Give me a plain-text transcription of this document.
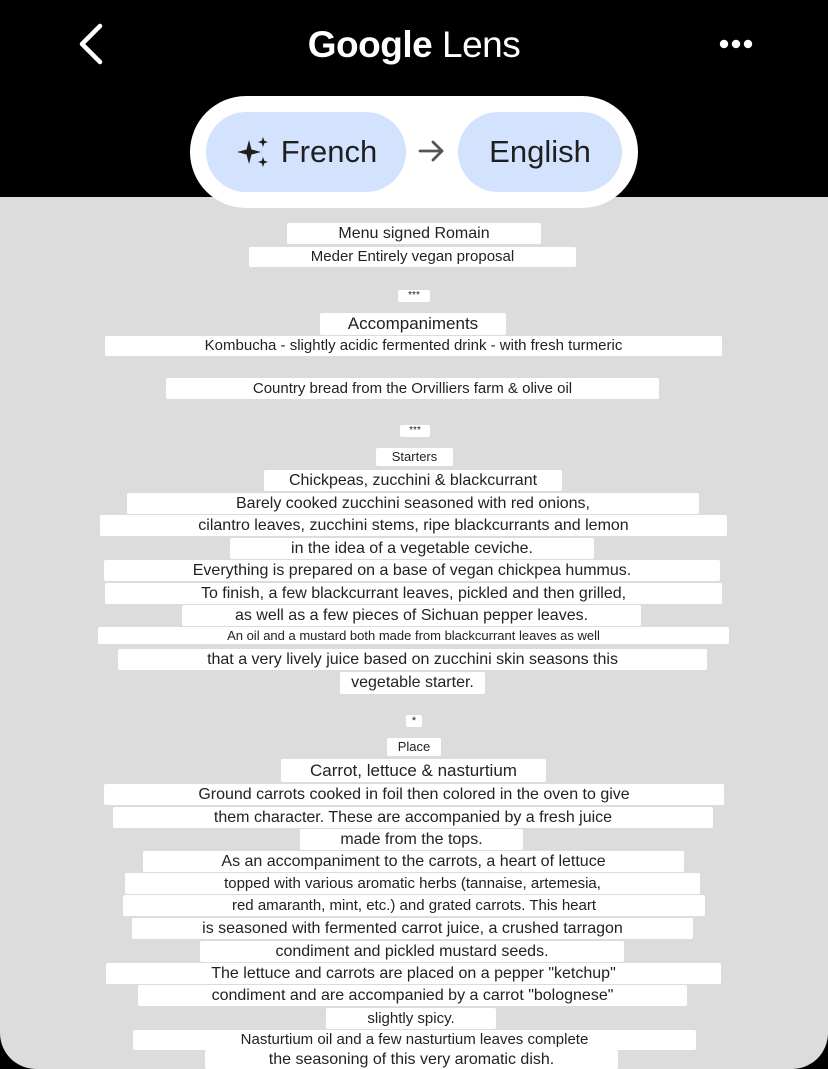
Google Lens
Menu signed Romain
Meder Entirely vegan proposal
***
Accompaniments
Kombucha - slightly acidic fermented drink - with fresh turmeric
Country bread from the Orvilliers farm & olive oil
***
Starters
Chickpeas, zucchini & blackcurrant
Barely cooked zucchini seasoned with red onions,
cilantro leaves, zucchini stems, ripe blackcurrants and lemon
in the idea of a vegetable ceviche.
Everything is prepared on a base of vegan chickpea hummus.
To finish, a few blackcurrant leaves, pickled and then grilled,
as well as a few pieces of Sichuan pepper leaves.
An oil and a mustard both made from blackcurrant leaves as well
that a very lively juice based on zucchini skin seasons this
vegetable starter.
*
Place
Carrot, lettuce & nasturtium
Ground carrots cooked in foil then colored in the oven to give
them character. These are accompanied by a fresh juice
made from the tops.
As an accompaniment to the carrots, a heart of lettuce
topped with various aromatic herbs (tannaise, artemesia,
red amaranth, mint, etc.) and grated carrots. This heart
is seasoned with fermented carrot juice, a crushed tarragon
condiment and pickled mustard seeds.
The lettuce and carrots are placed on a pepper "ketchup"
condiment and are accompanied by a carrot "bolognese"
slightly spicy.
Nasturtium oil and a few nasturtium leaves complete
the seasoning of this very aromatic dish.
French	English
